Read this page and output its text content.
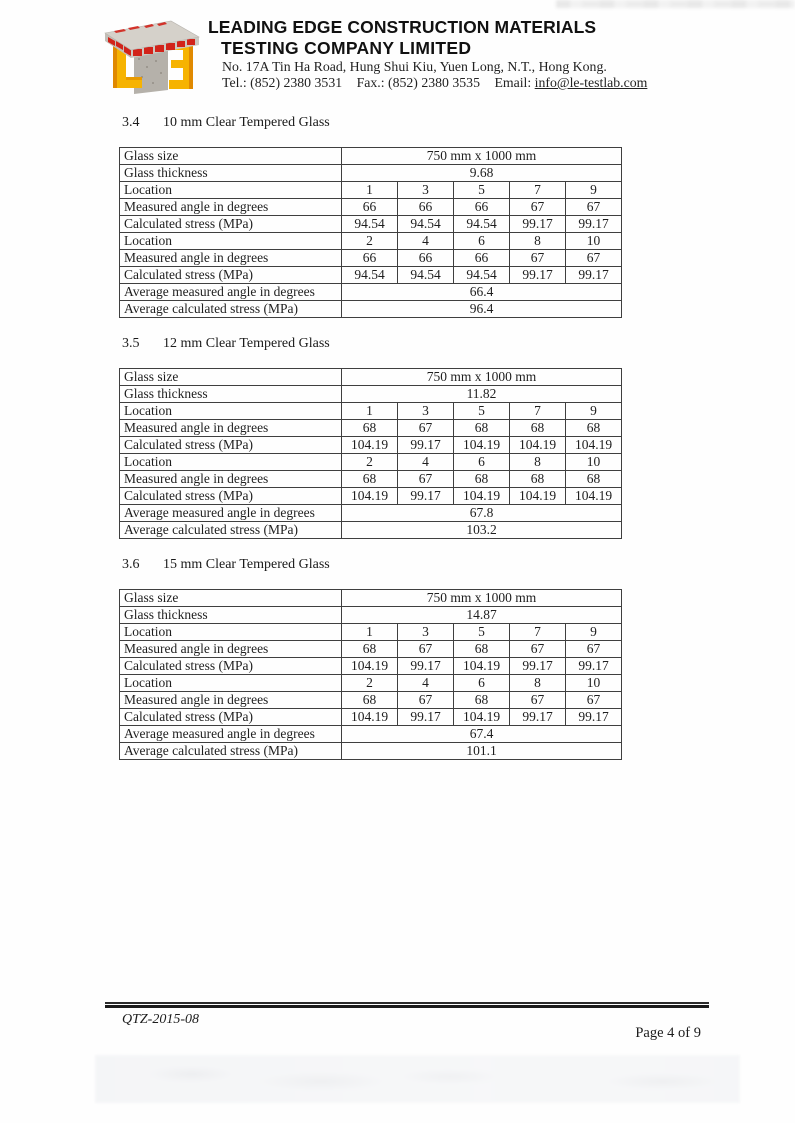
LEADING EDGE CONSTRUCTION MATERIALS
TESTING COMPANY LIMITED
No. 17A Tin Ha Road, Hung Shui Kiu, Yuen Long, N.T., Hong Kong.
Tel.: (852) 2380 3531 Fax.: (852) 2380 3535 Email: info@le-testlab.com
3.4 10 mm Clear Tempered Glass
Glass size	750 mm x 1000 mm				
Glass thickness	9.68				
Location	1	3	5	7	9
Measured angle in degrees	66	66	66	67	67
Calculated stress (MPa)	94.54	94.54	94.54	99.17	99.17
Location	2	4	6	8	10
Measured angle in degrees	66	66	66	67	67
Calculated stress (MPa)	94.54	94.54	94.54	99.17	99.17
Average measured angle in degrees	66.4				
Average calculated stress (MPa)	96.4				
3.5 12 mm Clear Tempered Glass
Glass size	750 mm x 1000 mm				
Glass thickness	11.82				
Location	1	3	5	7	9
Measured angle in degrees	68	67	68	68	68
Calculated stress (MPa)	104.19	99.17	104.19	104.19	104.19
Location	2	4	6	8	10
Measured angle in degrees	68	67	68	68	68
Calculated stress (MPa)	104.19	99.17	104.19	104.19	104.19
Average measured angle in degrees	67.8				
Average calculated stress (MPa)	103.2				
3.6 15 mm Clear Tempered Glass
Glass size	750 mm x 1000 mm				
Glass thickness	14.87				
Location	1	3	5	7	9
Measured angle in degrees	68	67	68	67	67
Calculated stress (MPa)	104.19	99.17	104.19	99.17	99.17
Location	2	4	6	8	10
Measured angle in degrees	68	67	68	67	67
Calculated stress (MPa)	104.19	99.17	104.19	99.17	99.17
Average measured angle in degrees	67.4				
Average calculated stress (MPa)	101.1				
QTZ-2015-08
Page 4 of 9
